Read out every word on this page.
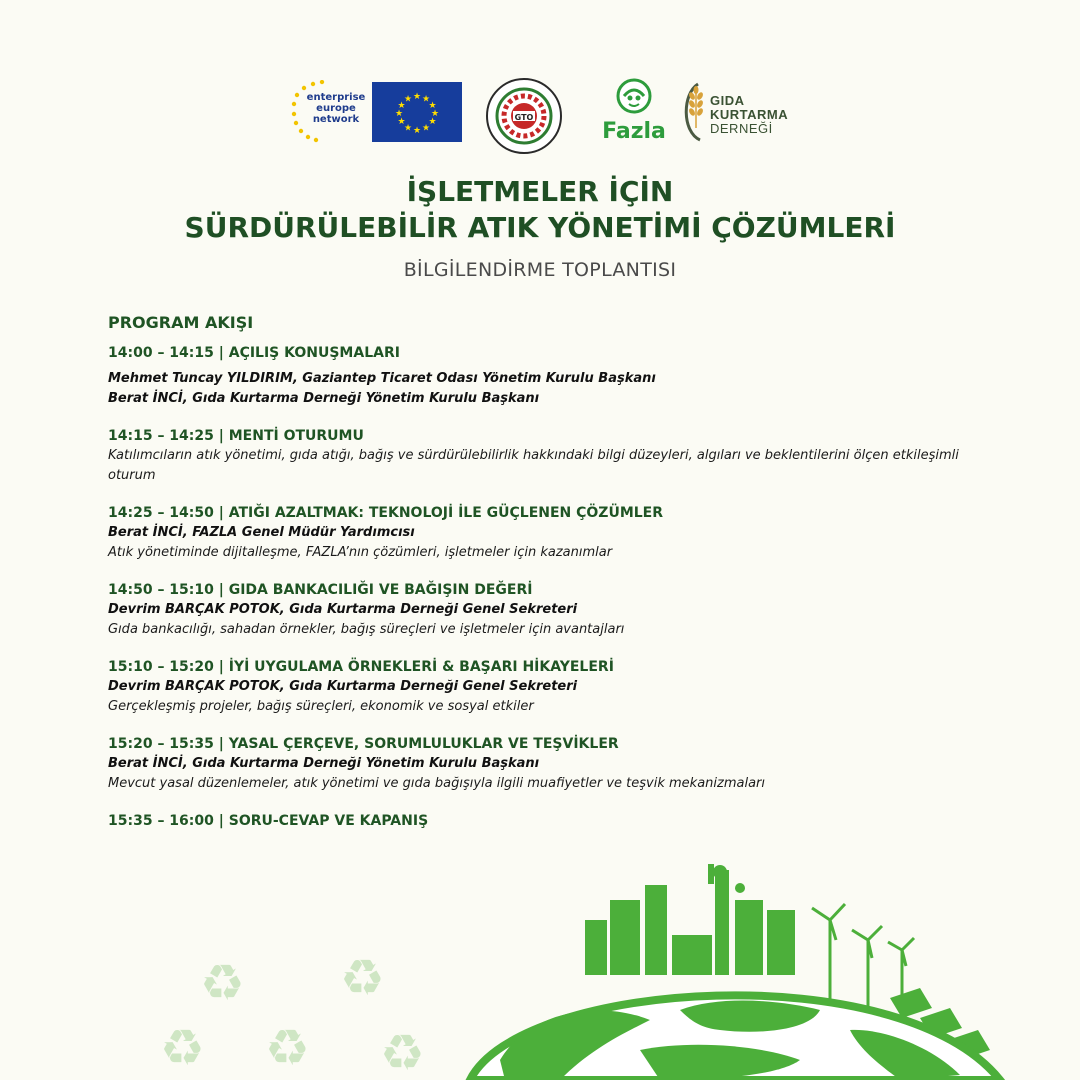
enterprise
europe
network
★ ★
★
★
★
★
★
★
★
★
★
★
GTO
Fazla
GIDA
KURTARMA
DERNEĞİ
İŞLETMELER İÇİN
SÜRDÜRÜLEBİLİR ATIK YÖNETİMİ ÇÖZÜMLERİ
BİLGİLENDİRME TOPLANTISI
PROGRAM AKIŞI
14:00 – 14:15 | AÇILIŞ KONUŞMALARI
Mehmet Tuncay YILDIRIM, Gaziantep Ticaret Odası Yönetim Kurulu Başkanı
Berat İNCİ, Gıda Kurtarma Derneği Yönetim Kurulu Başkanı
14:15 – 14:25 | MENTİ OTURUMU
Katılımcıların atık yönetimi, gıda atığı, bağış ve sürdürülebilirlik hakkındaki bilgi düzeyleri, algıları ve beklentilerini ölçen etkileşimli oturum
14:25 – 14:50 | ATIĞI AZALTMAK: TEKNOLOJİ İLE GÜÇLENEN ÇÖZÜMLER
Berat İNCİ, FAZLA Genel Müdür Yardımcısı
Atık yönetiminde dijitalleşme, FAZLA’nın çözümleri, işletmeler için kazanımlar
14:50 – 15:10 | GIDA BANKACILIĞI VE BAĞIŞIN DEĞERİ
Devrim BARÇAK POTOK, Gıda Kurtarma Derneği Genel Sekreteri
Gıda bankacılığı, sahadan örnekler, bağış süreçleri ve işletmeler için avantajları
15:10 – 15:20 | İYİ UYGULAMA ÖRNEKLERİ & BAŞARI HİKAYELERİ
Devrim BARÇAK POTOK, Gıda Kurtarma Derneği Genel Sekreteri
Gerçekleşmiş projeler, bağış süreçleri, ekonomik ve sosyal etkiler
15:20 – 15:35 | YASAL ÇERÇEVE, SORUMLULUKLAR VE TEŞVİKLER
Berat İNCİ, Gıda Kurtarma Derneği Yönetim Kurulu Başkanı
Mevcut yasal düzenlemeler, atık yönetimi ve gıda bağışıyla ilgili muafiyetler ve teşvik mekanizmaları
15:35 – 16:00 | SORU-CEVAP VE KAPANIŞ
♻ ♻
♻ ♻ ♻
